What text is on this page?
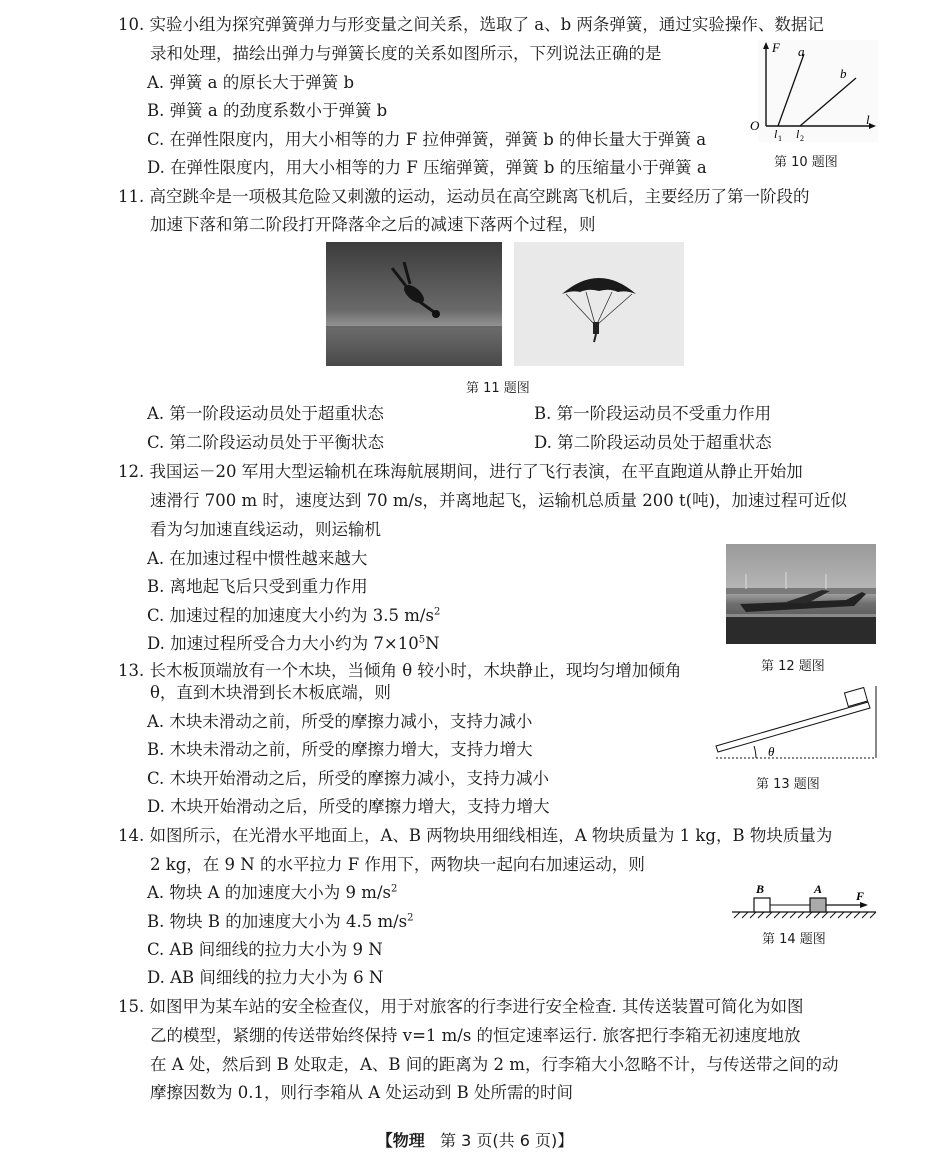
10. 实验小组为探究弹簧弹力与形变量之间关系，选取了 a、b 两条弹簧，通过实验操作、数据记
录和处理，描绘出弹力与弹簧长度的关系如图所示，下列说法正确的是
A. 弹簧 a 的原长大于弹簧 b
B. 弹簧 a 的劲度系数小于弹簧 b
C. 在弹性限度内，用大小相等的力 F 拉伸弹簧，弹簧 b 的伸长量大于弹簧 a
D. 在弹性限度内，用大小相等的力 F 压缩弹簧，弹簧 b 的压缩量小于弹簧 a
F a
b
O	l
l 1 l 2
第 10 题图
11. 高空跳伞是一项极其危险又刺激的运动，运动员在高空跳离飞机后，主要经历了第一阶段的
加速下落和第二阶段打开降落伞之后的减速下落两个过程，则
第 11 题图
A. 第一阶段运动员处于超重状态	B. 第一阶段运动员不受重力作用
C. 第二阶段运动员处于平衡状态	D. 第二阶段运动员处于超重状态
12. 我国运－20 军用大型运输机在珠海航展期间，进行了飞行表演，在平直跑道从静止开始加
速滑行 700 m 时，速度达到 70 m/s，并离地起飞，运输机总质量 200 t(吨)，加速过程可近似
看为匀加速直线运动，则运输机
A. 在加速过程中惯性越来越大
B. 离地起飞后只受到重力作用
C. 加速过程的加速度大小约为 3.5 $m/s^2$
D. 加速过程所受合力大小约为 $7\times 10^5N$
第 12 题图
13. 长木板顶端放有一个木块，当倾角 θ 较小时，木块静止，现均匀增加倾角
θ，直到木块滑到长木板底端，则
A. 木块未滑动之前，所受的摩擦力减小，支持力减小
B. 木块未滑动之前，所受的摩擦力增大，支持力增大
C. 木块开始滑动之后，所受的摩擦力减小，支持力减小
D. 木块开始滑动之后，所受的摩擦力增大，支持力增大
θ
第 13 题图
14. 如图所示，在光滑水平地面上，A、B 两物块用细线相连，A 物块质量为 1 kg，B 物块质量为
2 kg，在 9 N 的水平拉力 F 作用下，两物块一起向右加速运动，则
A. 物块 A 的加速度大小为 9 $m/s^2$
B. 物块 B 的加速度大小为 4.5 $m/s^2$
C. AB 间细线的拉力大小为 9 N
D. AB 间细线的拉力大小为 6 N
B	A	F
第 14 题图
15. 如图甲为某车站的安全检查仪，用于对旅客的行李进行安全检查. 其传送装置可简化为如图
乙的模型，紧绷的传送带始终保持 v=1 m/s 的恒定速率运行. 旅客把行李箱无初速度地放
在 A 处，然后到 B 处取走，A、B 间的距离为 2 m，行李箱大小忽略不计，与传送带之间的动
摩擦因数为 0.1，则行李箱从 A 处运动到 B 处所需的时间
【物理 第 3 页(共 6 页)】
